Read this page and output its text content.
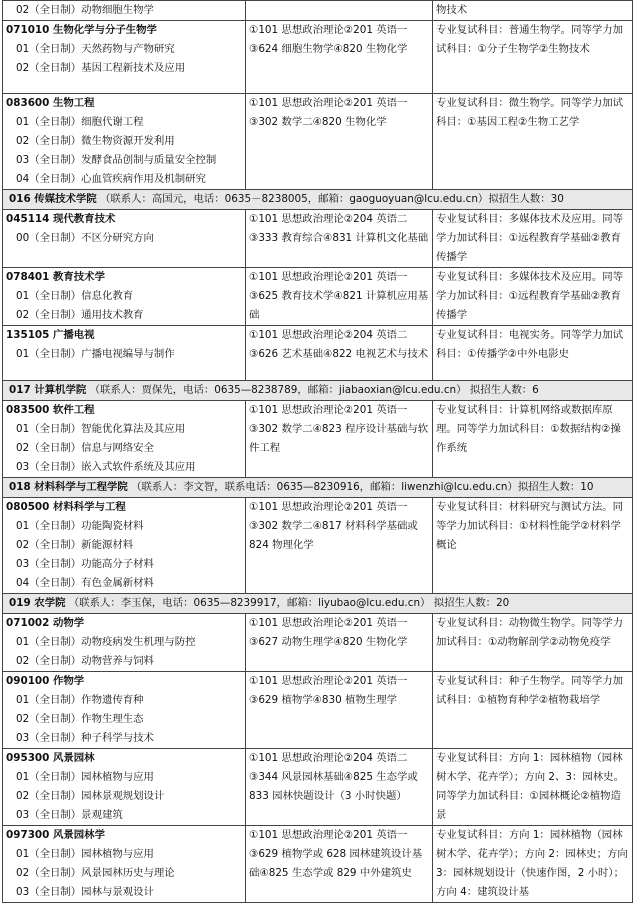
02（全日制）动物细胞生物学		物技术

071010 生物化学与分子生物学
01（全日制）天然药物与产物研究
02（全日制）基因工程新技术及应用	①101 思想政治理论②201 英语一③624 细胞生物学④820 生物化学	专业复试科目：普通生物学。同等学力加试科目：①分子生物学②生物技术

083600 生物工程
01（全日制）细胞代谢工程
02（全日制）微生物资源开发利用
03（全日制）发酵食品创制与质量安全控制
04（全日制）心血管疾病作用及机制研究	①101 思想政治理论②201 英语一③302 数学二④820 生物化学	专业复试科目：微生物学。同等学力加试科目：①基因工程②生物工艺学
016 传媒技术学院 （联系人：高国元，电话：0635－8238005，邮箱：gaoguoyuan@lcu.edu.cn）拟招生人数：30		

045114 现代教育技术
00（全日制）不区分研究方向	①101 思想政治理论②204 英语二③333 教育综合④831 计算机文化基础	专业复试科目：多媒体技术及应用。同等学力加试科目：①远程教育学基础②教育传播学

078401 教育技术学
01（全日制）信息化教育
02（全日制）通用技术教育	①101 思想政治理论②201 英语一③625 教育技术学④821 计算机应用基础	专业复试科目：多媒体技术及应用。同等学力加试科目：①远程教育学基础②教育传播学

135105 广播电视
01（全日制）广播电视编导与制作	①101 思想政治理论②204 英语二③626 艺术基础④822 电视艺术与技术	专业复试科目：电视实务。同等学力加试科目：①传播学②中外电影史
017 计算机学院 （联系人：贾保先，电话：0635—8238789，邮箱：jiabaoxian@lcu.edu.cn） 拟招生人数：6		

083500 软件工程
01（全日制）智能优化算法及其应用
02（全日制）信息与网络安全
03（全日制）嵌入式软件系统及其应用	①101 思想政治理论②201 英语一③302 数学二④823 程序设计基础与软件工程	专业复试科目：计算机网络或数据库原理。同等学力加试科目：①数据结构②操作系统
018 材料科学与工程学院 （联系人：李文智，联系电话：0635—8230916，邮箱：liwenzhi@lcu.edu.cn）拟招生人数：10		

080500 材料科学与工程
01（全日制）功能陶瓷材料
02（全日制）新能源材料
03（全日制）功能高分子材料
04（全日制）有色金属新材料	①101 思想政治理论②201 英语一③302 数学二④817 材料科学基础或 824 物理化学	专业复试科目：材料研究与测试方法。同等学力加试科目：①材料性能学②材料学概论
019 农学院 （联系人：李玉保，电话：0635—8239917，邮箱：liyubao@lcu.edu.cn） 拟招生人数：20		

071002 动物学
01（全日制）动物疫病发生机理与防控
02（全日制）动物营养与饲料	①101 思想政治理论②201 英语一③627 动物生理学④820 生物化学	专业复试科目：动物微生物学。同等学力加试科目：①动物解剖学②动物免疫学

090100 作物学
01（全日制）作物遗传育种
02（全日制）作物生理生态
03（全日制）种子科学与技术	①101 思想政治理论②201 英语一③629 植物学④830 植物生理学	专业复试科目：种子生物学。同等学力加试科目：①植物育种学②植物栽培学

095300 风景园林
01（全日制）园林植物与应用
02（全日制）园林景观规划设计
03（全日制）景观建筑	①101 思想政治理论②204 英语二③344 风景园林基础④825 生态学或 833 园林快题设计（3 小时快题）	专业复试科目：方向 1：园林植物（园林树木学、花卉学）；方向 2、3：园林史。同等学力加试科目：①园林概论②植物造景

097300 风景园林学
01（全日制）园林植物与应用
02（全日制）风景园林历史与理论
03（全日制）园林与景观设计	①101 思想政治理论②201 英语一③629 植物学或 628 园林建筑设计基础④825 生态学或 829 中外建筑史	专业复试科目：方向 1：园林植物（园林树木学、花卉学）；方向 2：园林史；方向 3：园林规划设计（快速作图，2 小时）；方向 4：建筑设计基
